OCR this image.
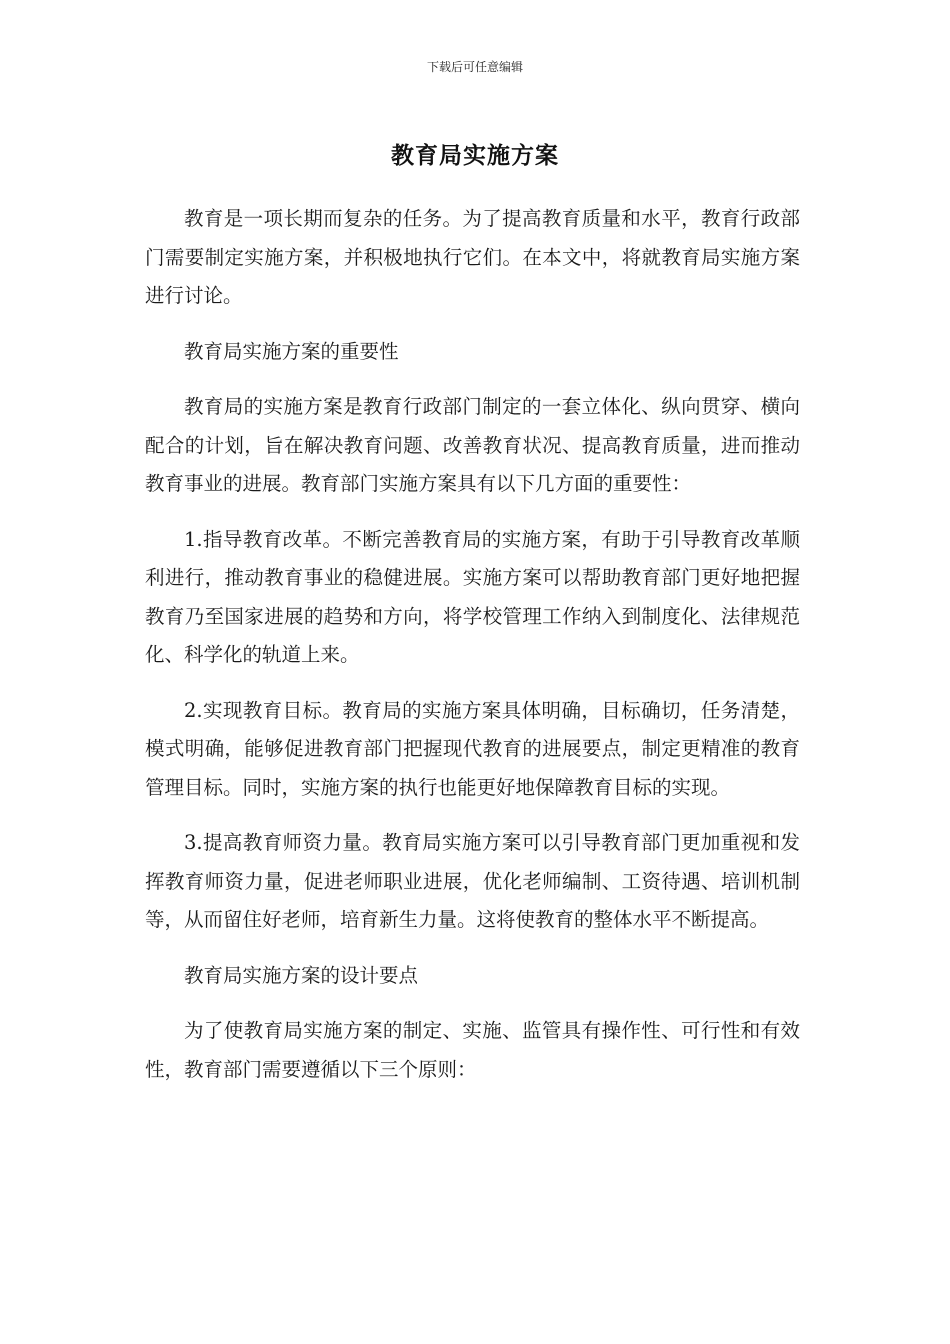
下载后可任意编辑
教育局实施方案

教育是一项长期而复杂的任务。为了提高教育质量和水平，教育行政部门需要制定实施方案，并积极地执行它们。在本文中，将就教育局实施方案进行讨论。

教育局实施方案的重要性

教育局的实施方案是教育行政部门制定的一套立体化、纵向贯穿、横向配合的计划，旨在解决教育问题、改善教育状况、提高教育质量，进而推动教育事业的进展。教育部门实施方案具有以下几方面的重要性：

1.指导教育改革。不断完善教育局的实施方案，有助于引导教育改革顺利进行，推动教育事业的稳健进展。实施方案可以帮助教育部门更好地把握教育乃至国家进展的趋势和方向，将学校管理工作纳入到制度化、法律规范化、科学化的轨道上来。

2.实现教育目标。教育局的实施方案具体明确，目标确切，任务清楚，模式明确，能够促进教育部门把握现代教育的进展要点，制定更精准的教育管理目标。同时，实施方案的执行也能更好地保障教育目标的实现。

3.提高教育师资力量。教育局实施方案可以引导教育部门更加重视和发挥教育师资力量，促进老师职业进展，优化老师编制、工资待遇、培训机制等，从而留住好老师，培育新生力量。这将使教育的整体水平不断提高。

教育局实施方案的设计要点

为了使教育局实施方案的制定、实施、监管具有操作性、可行性和有效性，教育部门需要遵循以下三个原则：
